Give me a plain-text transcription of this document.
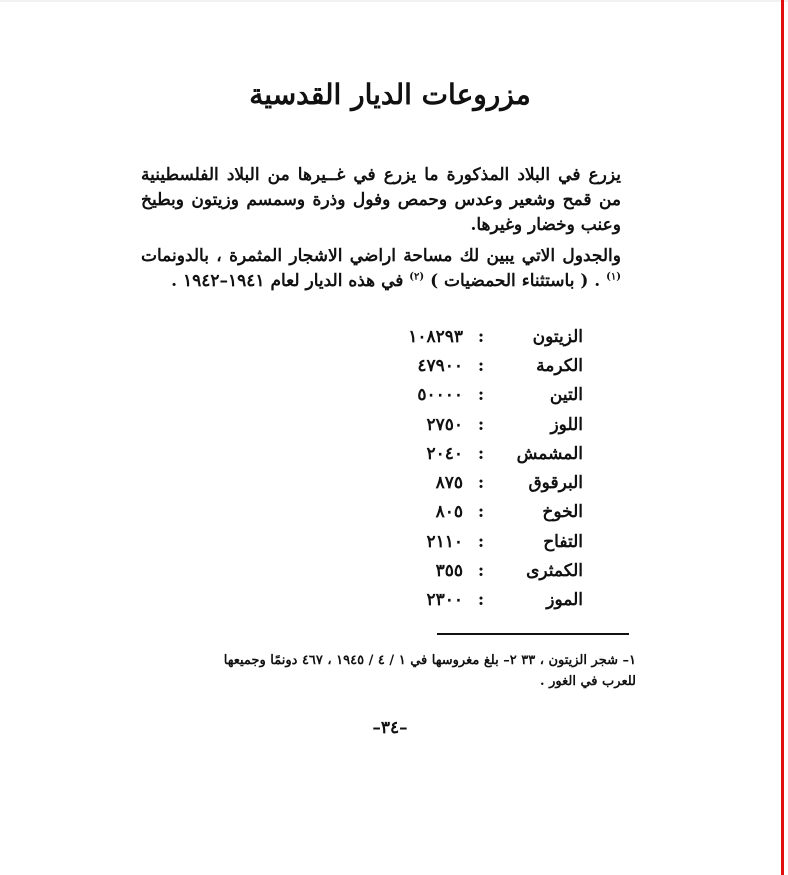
مزروعات الديار القدسية
يزرع في البلاد المذكورة ما يزرع في غــيرها من البلاد الفلسطينية من قمح وشعير وعدس وحمص وفول وذرة وسمسم وزيتون وبطيخ وعنب وخضار وغيرها.
والجدول الاتي يبين لك مساحة اراضي الاشجار المثمرة ، بالدونمات $^{(١)}$ . ( باستثناء الحمضيات ) $^{(٢)}$ في هذه الديار لعام ١٩٤١–١٩٤٢ .
الزيتون
:
١٠٨٢٩٣
الكرمة
:
٤٧٩٠٠
التين
:
٥٠٠٠٠
اللوز
:
٢٧٥٠
المشمش
:
٢٠٤٠
البرقوق
:
٨٧٥
الخوخ
:
٨٠٥
التفاح
:
٢١١٠
الكمثرى
:
٣٥٥
الموز
:
٢٣٠٠
١– شجر الزيتون ، ٣٣ ٢– بلغ مغروسها في ١ / ٤ / ١٩٤٥ ، ٤٦٧ دونمًا وجميعها
للعرب في الغور .
–٣٤–
